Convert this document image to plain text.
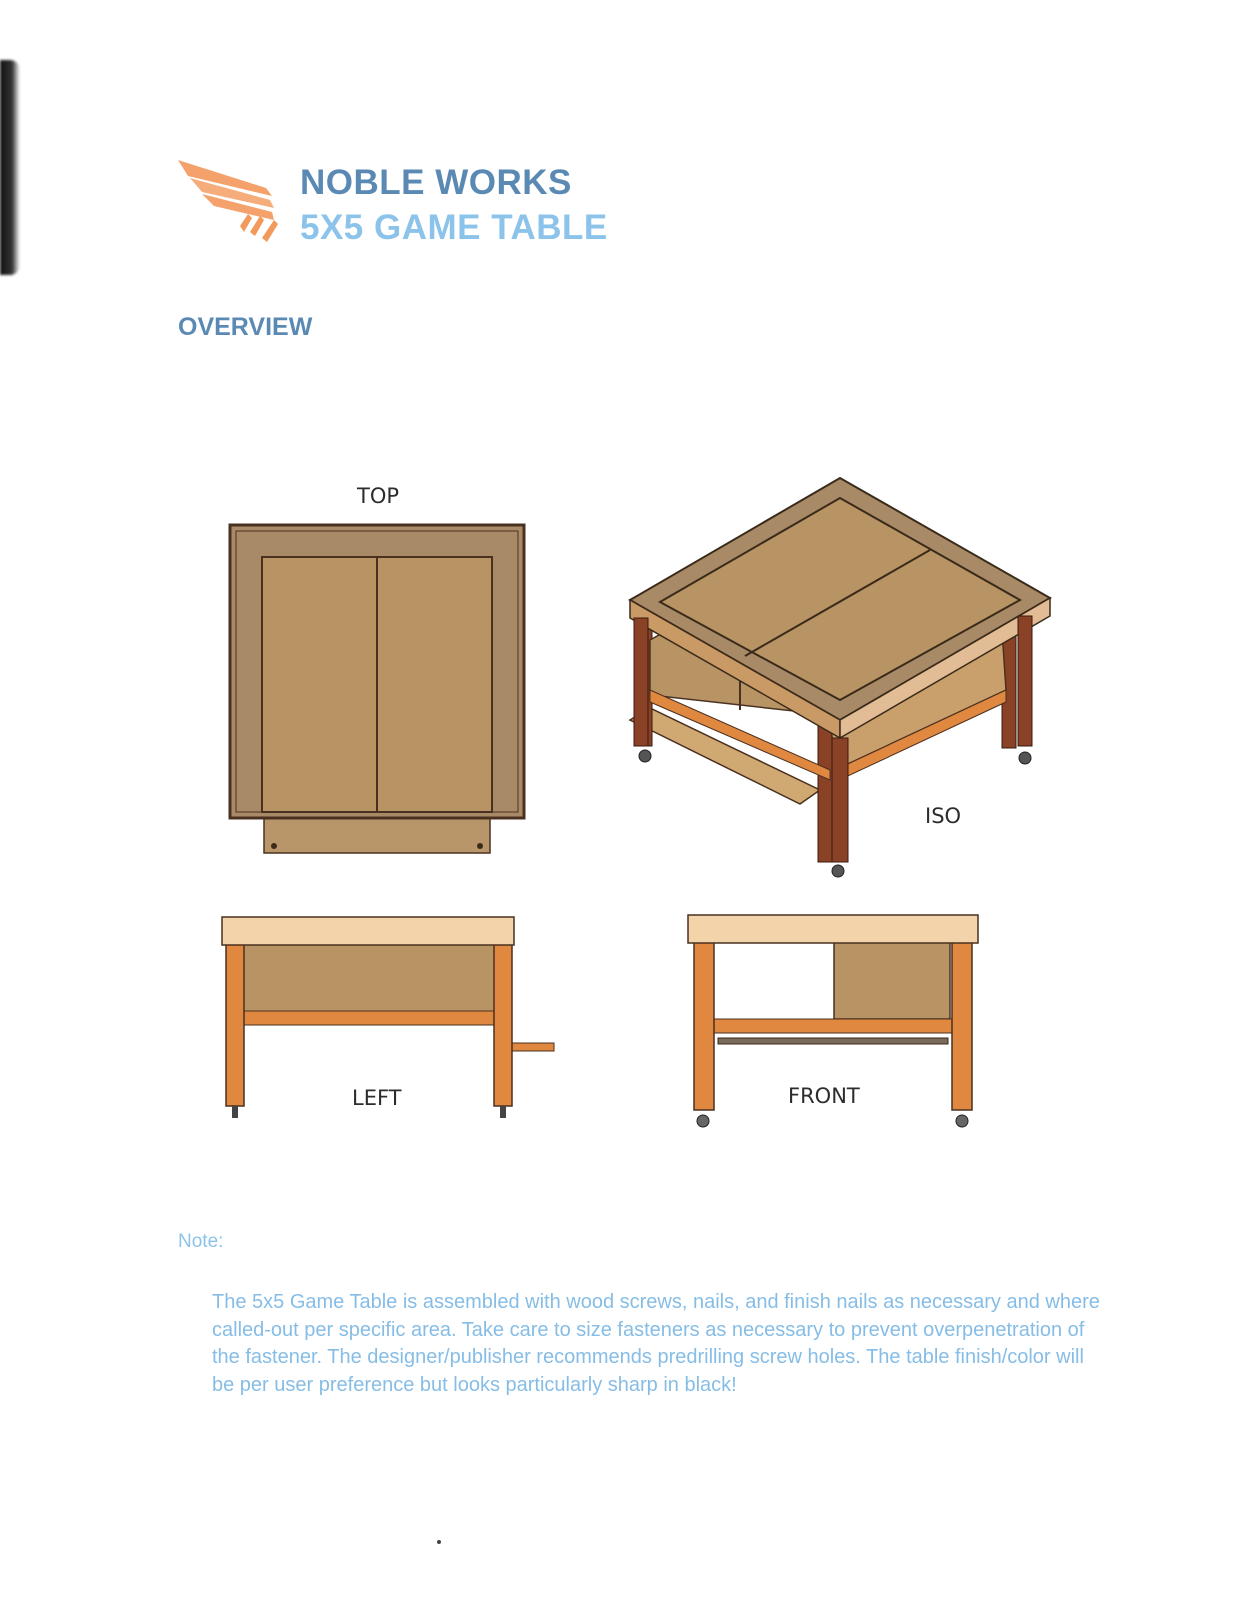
NOBLE WORKS
5X5 GAME TABLE
OVERVIEW
TOP
ISO
LEFT	FRONT
Note:
The 5x5 Game Table is assembled with wood screws, nails, and finish nails as necessary and where called-out per specific area. Take care to size fasteners as necessary to prevent overpenetration of the fastener. The designer/publisher recommends predrilling screw holes. The table finish/color will be per user preference but looks particularly sharp in black!
